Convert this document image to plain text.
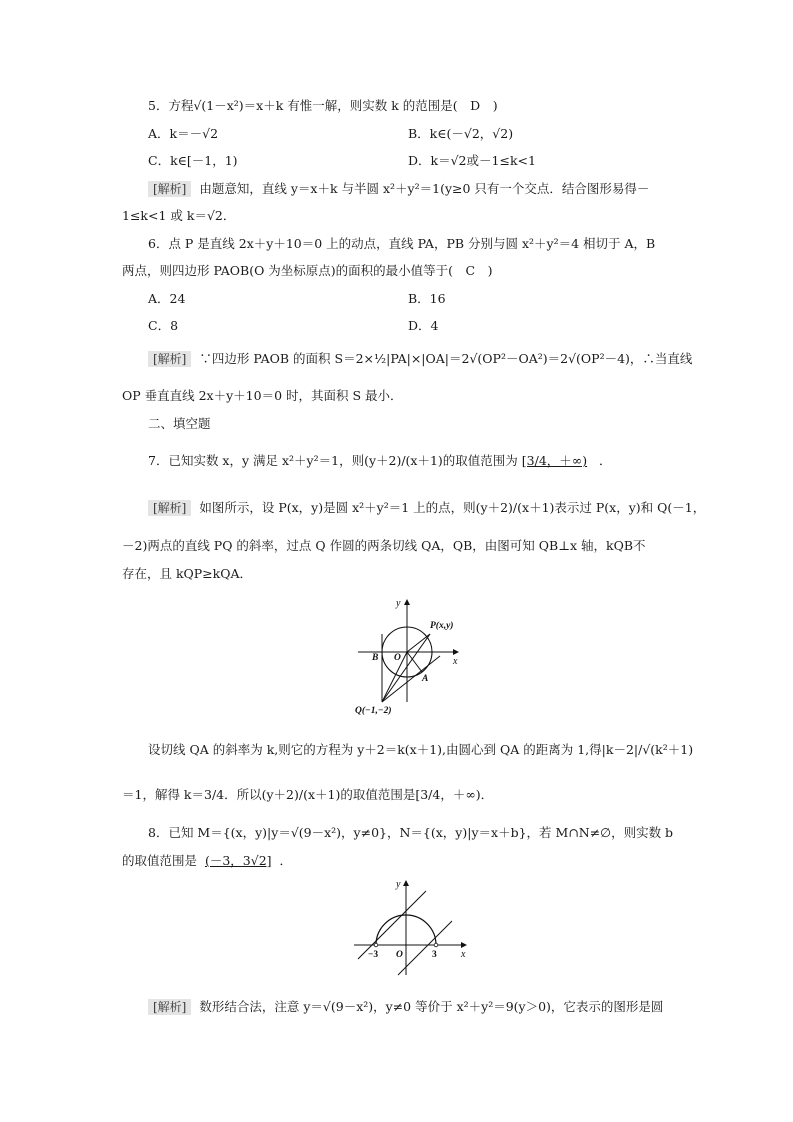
5．方程√(1－x²)＝x＋k 有惟一解，则实数 k 的范围是(　D　)
A．k＝－√2	B．k∈(－√2，√2)
C．k∈[－1，1)	D．k＝√2或－1≤k<1
[解析] 由题意知，直线 y＝x＋k 与半圆 x²＋y²＝1(y≥0 只有一个交点．结合图形易得－
1≤k<1 或 k＝√2．
6．点 P 是直线 2x＋y＋10＝0 上的动点，直线 PA，PB 分别与圆 x²＋y²＝4 相切于 A，B
两点，则四边形 PAOB(O 为坐标原点)的面积的最小值等于(　C　)
A．24	B．16
C．8	D．4
[解析] ∵四边形 PAOB 的面积 S＝2×½|PA|×|OA|＝2√(OP²－OA²)＝2√(OP²－4)，∴当直线
OP 垂直直线 2x＋y＋10＝0 时，其面积 S 最小．
二、填空题
7．已知实数 x，y 满足 x²＋y²＝1，则(y＋2)/(x＋1)的取值范围为 [3/4，＋∞) ．
[解析] 如图所示，设 P(x，y)是圆 x²＋y²＝1 上的点，则(y＋2)/(x＋1)表示过 P(x，y)和 Q(－1，
－2)两点的直线 PQ 的斜率，过点 Q 作圆的两条切线 QA，QB，由图可知 QB⊥x 轴，kQB不
存在，且 kQP≥kQA．
y
x
P(x,y)
B O
A
Q(−1,−2)
设切线 QA 的斜率为 k,则它的方程为 y＋2＝k(x＋1),由圆心到 QA 的距离为 1,得|k－2|/√(k²＋1)
＝1，解得 k＝3/4．所以(y＋2)/(x＋1)的取值范围是[3/4，＋∞)．
8．已知 M＝{(x，y)|y＝√(9－x²)，y≠0}，N＝{(x，y)|y＝x＋b}，若 M∩N≠∅，则实数 b
的取值范围是 (－3，3√2] ．
y
x
−3 O	3
[解析] 数形结合法，注意 y＝√(9－x²)，y≠0 等价于 x²＋y²＝9(y＞0)，它表示的图形是圆
